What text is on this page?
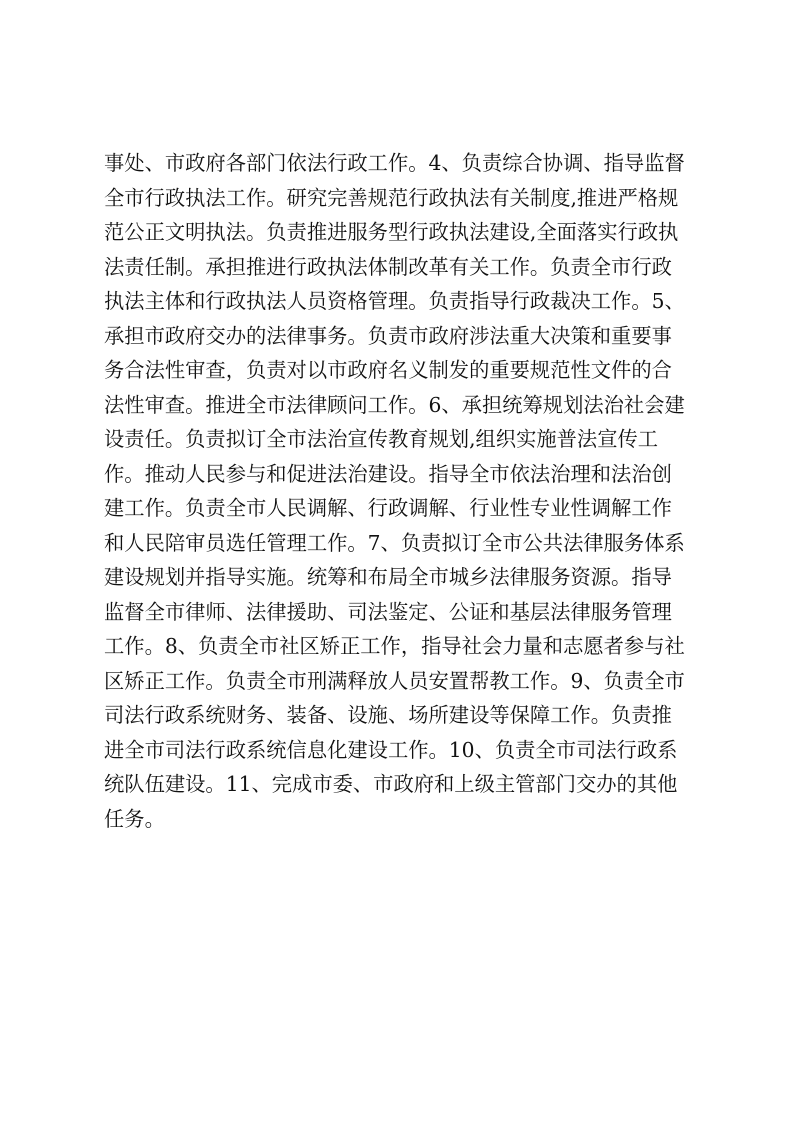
事处、市政府各部门依法行政工作。4、负责综合协调、指导监督
全市行政执法工作。研究完善规范行政执法有关制度,推进严格规
范公正文明执法。负责推进服务型行政执法建设,全面落实行政执
法责任制。承担推进行政执法体制改革有关工作。负责全市行政
执法主体和行政执法人员资格管理。负责指导行政裁决工作。5、
承担市政府交办的法律事务。负责市政府涉法重大决策和重要事
务合法性审查，负责对以市政府名义制发的重要规范性文件的合
法性审查。推进全市法律顾问工作。6、承担统筹规划法治社会建
设责任。负责拟订全市法治宣传教育规划,组织实施普法宣传工
作。推动人民参与和促进法治建设。指导全市依法治理和法治创
建工作。负责全市人民调解、行政调解、行业性专业性调解工作
和人民陪审员选任管理工作。7、负责拟订全市公共法律服务体系
建设规划并指导实施。统筹和布局全市城乡法律服务资源。指导
监督全市律师、法律援助、司法鉴定、公证和基层法律服务管理
工作。8、负责全市社区矫正工作，指导社会力量和志愿者参与社
区矫正工作。负责全市刑满释放人员安置帮教工作。9、负责全市
司法行政系统财务、装备、设施、场所建设等保障工作。负责推
进全市司法行政系统信息化建设工作。10、负责全市司法行政系
统队伍建设。11、完成市委、市政府和上级主管部门交办的其他
任务。
